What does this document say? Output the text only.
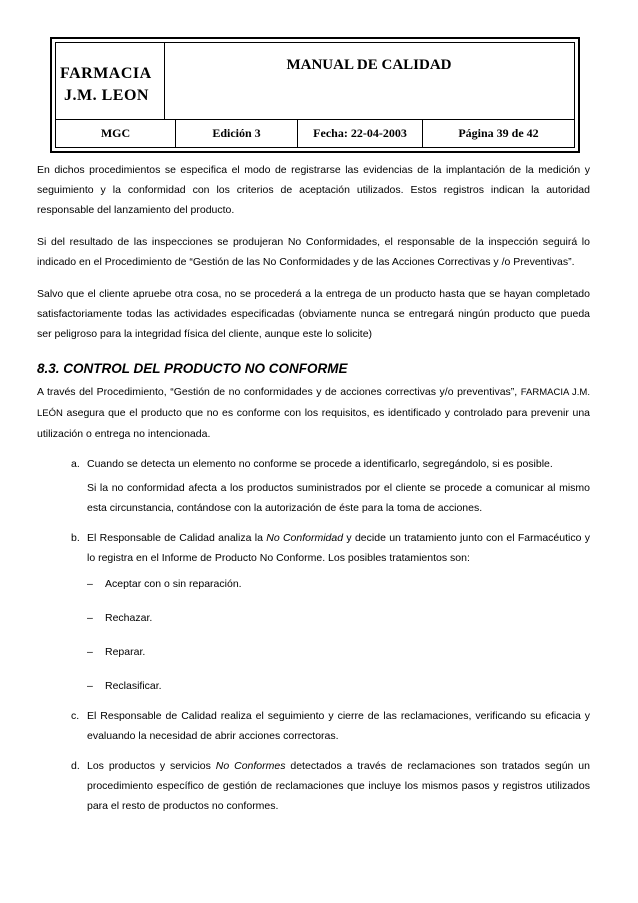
FARMACIA
J.M. LEON
MANUAL DE CALIDAD
MGC	Edición 3	Fecha: 22-04-2003	Página 39 de 42

En dichos procedimientos se especifica el modo de registrarse las evidencias de la implantación de la medición y seguimiento y la conformidad con los criterios de aceptación utilizados. Estos registros indican la autoridad responsable del lanzamiento del producto.

Si del resultado de las inspecciones se produjeran No Conformidades, el responsable de la inspección seguirá lo indicado en el Procedimiento de “Gestión de las No Conformidades y de las Acciones Correctivas y /o Preventivas”.

Salvo que el cliente apruebe otra cosa, no se procederá a la entrega de un producto hasta que se hayan completado satisfactoriamente todas las actividades especificadas (obviamente nunca se entregará ningún producto que pueda ser peligroso para la integridad física del cliente, aunque este lo solicite)

8.3. CONTROL DEL PRODUCTO NO CONFORME

A través del Procedimiento, “Gestión de no conformidades y de acciones correctivas y/o preventivas”, FARMACIA J.M. LEÓN asegura que el producto que no es conforme con los requisitos, es identificado y controlado para prevenir una utilización o entrega no intencionada.

a. Cuando se detecta un elemento no conforme se procede a identificarlo, segregándolo, si es posible.
Si la no conformidad afecta a los productos suministrados por el cliente se procede a comunicar al mismo esta circunstancia, contándose con la autorización de éste para la toma de acciones.
b. El Responsable de Calidad analiza la No Conformidad y decide un tratamiento junto con el Farmacéutico y lo registra en el Informe de Producto No Conforme. Los posibles tratamientos son:
– Aceptar con o sin reparación.
– Rechazar.
– Reparar.
– Reclasificar.
c. El Responsable de Calidad realiza el seguimiento y cierre de las reclamaciones, verificando su eficacia y evaluando la necesidad de abrir acciones correctoras.
d. Los productos y servicios No Conformes detectados a través de reclamaciones son tratados según un procedimiento específico de gestión de reclamaciones que incluye los mismos pasos y registros utilizados para el resto de productos no conformes.
